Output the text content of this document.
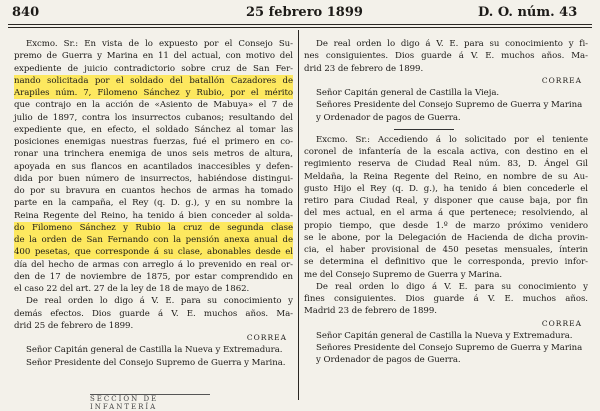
840	25 febrero 1899	D. O. núm. 43
Excmo. Sr.: En vista de lo expuesto por el Consejo Su-
premo de Guerra y Marina en 11 del actual, con motivo del
expediente de juicio contradictorio sobre cruz de San Fer-
nando solicitada por el soldado del batallón Cazadores de
Arapiles núm. 7, Filomeno Sánchez y Rubio, por el mérito
que contrajo en la acción de «Asiento de Mabuya» el 7 de
julio de 1897, contra los insurrectos cubanos; resultando del
expediente que, en efecto, el soldado Sánchez al tomar las
posiciones enemigas nuestras fuerzas, fué el primero en co-
ronar una trinchera enemiga de unos seis metros de altura,
apoyada en sus flancos en acantilados inaccesibles y defen-
dida por buen número de insurrectos, habiéndose distingui-
do por su bravura en cuantos hechos de armas ha tomado
parte en la campaña, el Rey (q. D. g.), y en su nombre la
Reina Regente del Reino, ha tenido á bien conceder al solda-
do Filomeno Sánchez y Rubio la cruz de segunda clase
de la orden de San Fernando con la pensión anexa anual de
400 pesetas, que corresponde á su clase, abonables desde el
día del hecho de armas con arreglo á lo prevenido en real or-
den de 17 de noviembre de 1875, por estar comprendido en
el caso 22 del art. 27 de la ley de 18 de mayo de 1862.
De real orden lo digo á V. E. para su conocimiento y
demás efectos. Dios guarde á V. E. muchos años. Ma-
drid 25 de febrero de 1899.
CORREA
Señor Capitán general de Castilla la Nueva y Extremadura.
Señor Presidente del Consejo Supremo de Guerra y Marina.
SECCIÓN DE INFANTERÍA
De real orden lo digo á V. E. para su conocimiento y fi-
nes consiguientes. Dios guarde á V. E. muchos años. Ma-
drid 23 de febrero de 1899.
CORREA
Señor Capitán general de Castilla la Vieja.
Señores Presidente del Consejo Supremo de Guerra y Marina
y Ordenador de pagos de Guerra.
Excmo. Sr.: Accediendo á lo solicitado por el teniente
coronel de infantería de la escala activa, con destino en el
regimiento reserva de Ciudad Real núm. 83, D. Ángel Gil
Meldaña, la Reina Regente del Reino, en nombre de su Au-
gusto Hijo el Rey (q. D. g.), ha tenido á bien concederle el
retiro para Ciudad Real, y disponer que cause baja, por fin
del mes actual, en el arma á que pertenece; resolviendo, al
propio tiempo, que desde 1.º de marzo próximo venidero
se le abone, por la Delegación de Hacienda de dicha provin-
cia, el haber provisional de 450 pesetas mensuales, ínterin
se determina el definitivo que le corresponda, previo infor-
me del Consejo Supremo de Guerra y Marina.
De real orden lo digo á V. E. para su conocimiento y
fines consiguientes. Dios guarde á V. E. muchos años.
Madrid 23 de febrero de 1899.
CORREA
Señor Capitán general de Castilla la Nueva y Extremadura.
Señores Presidente del Consejo Supremo de Guerra y Marina
y Ordenador de pagos de Guerra.
